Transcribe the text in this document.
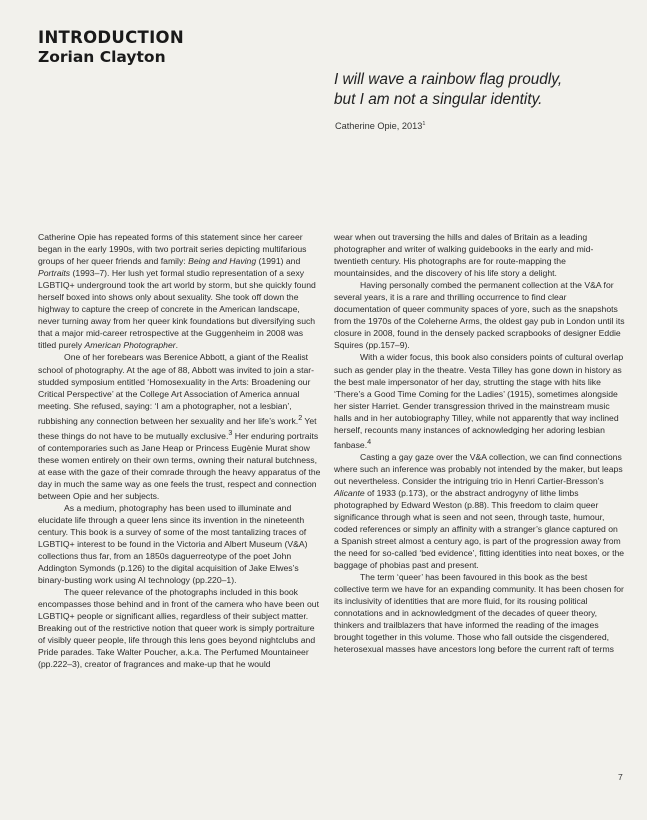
INTRODUCTION
Zorian Clayton

I will wave a rainbow flag proudly,
but I am not a singular identity.

Catherine Opie, 2013$^1$

Catherine Opie has repeated forms of this statement since her career began in the early 1990s, with two portrait series depicting multifarious groups of her queer friends and family: Being and Having (1991) and Portraits (1993–7). Her lush yet formal studio representation of a sexy LGBTIQ+ underground took the art world by storm, but she quickly found herself boxed into shows only about sexuality. She took off down the highway to capture the creep of concrete in the American landscape, never turning away from her queer kink foundations but diversifying such that a major mid-career retrospective at the Guggenheim in 2008 was titled purely American Photographer.

One of her forebears was Berenice Abbott, a giant of the Realist school of photography. At the age of 88, Abbott was invited to join a star-studded symposium entitled ‘Homosexuality in the Arts: Broadening our Critical Perspective’ at the College Art Association of America annual meeting. She refused, saying: ‘I am a photographer, not a lesbian’, rubbishing any connection between her sexuality and her life’s work.$^2$ Yet these things do not have to be mutually exclusive.$^3$ Her enduring portraits of contemporaries such as Jane Heap or Princess Eugènie Murat show these women entirely on their own terms, owning their natural butchness, at ease with the gaze of their comrade through the heavy apparatus of the day in much the same way as one feels the trust, respect and connection between Opie and her subjects.

As a medium, photography has been used to illuminate and elucidate life through a queer lens since its invention in the nineteenth century. This book is a survey of some of the most tantalizing traces of LGBTIQ+ interest to be found in the Victoria and Albert Museum (V&A) collections thus far, from an 1850s daguerreotype of the poet John Addington Symonds (p.126) to the digital acquisition of Jake Elwes’s binary-busting work using AI technology (pp.220–1).

The queer relevance of the photographs included in this book encompasses those behind and in front of the camera who have been out LGBTIQ+ people or significant allies, regardless of their subject matter. Breaking out of the restrictive notion that queer work is simply portraiture of visibly queer people, life through this lens goes beyond nightclubs and Pride parades. Take Walter Poucher, a.k.a. The Perfumed Mountaineer (pp.222–3), creator of fragrances and make-up that he would

wear when out traversing the hills and dales of Britain as a leading photographer and writer of walking guidebooks in the early and mid-twentieth century. His photographs are for route-mapping the mountainsides, and the discovery of his life story a delight.

Having personally combed the permanent collection at the V&A for several years, it is a rare and thrilling occurrence to find clear documentation of queer community spaces of yore, such as the snapshots from the 1970s of the Coleherne Arms, the oldest gay pub in London until its closure in 2008, found in the densely packed scrapbooks of designer Eddie Squires (pp.157–9).

With a wider focus, this book also considers points of cultural overlap such as gender play in the theatre. Vesta Tilley has gone down in history as the best male impersonator of her day, strutting the stage with hits like ‘There’s a Good Time Coming for the Ladies’ (1915), sometimes alongside her sister Harriet. Gender transgression thrived in the mainstream music halls and in her autobiography Tilley, while not apparently that way inclined herself, recounts many instances of acknowledging her adoring lesbian fanbase.$^4$

Casting a gay gaze over the V&A collection, we can find connections where such an inference was probably not intended by the maker, but leaps out nevertheless. Consider the intriguing trio in Henri Cartier-Bresson’s Alicante of 1933 (p.173), or the abstract androgyny of lithe limbs photographed by Edward Weston (p.88). This freedom to claim queer significance through what is seen and not seen, through taste, humour, coded references or simply an affinity with a stranger’s glance captured on a Spanish street almost a century ago, is part of the progression away from the need for so-called ‘bed evidence’, fitting identities into neat boxes, or the baggage of phobias past and present.

The term ‘queer’ has been favoured in this book as the best collective term we have for an expanding community. It has been chosen for its inclusivity of identities that are more fluid, for its rousing political connotations and in acknowledgment of the decades of queer theory, thinkers and trailblazers that have informed the reading of the images brought together in this volume. Those who fall outside the cisgendered, heterosexual masses have ancestors long before the current raft of terms

7
